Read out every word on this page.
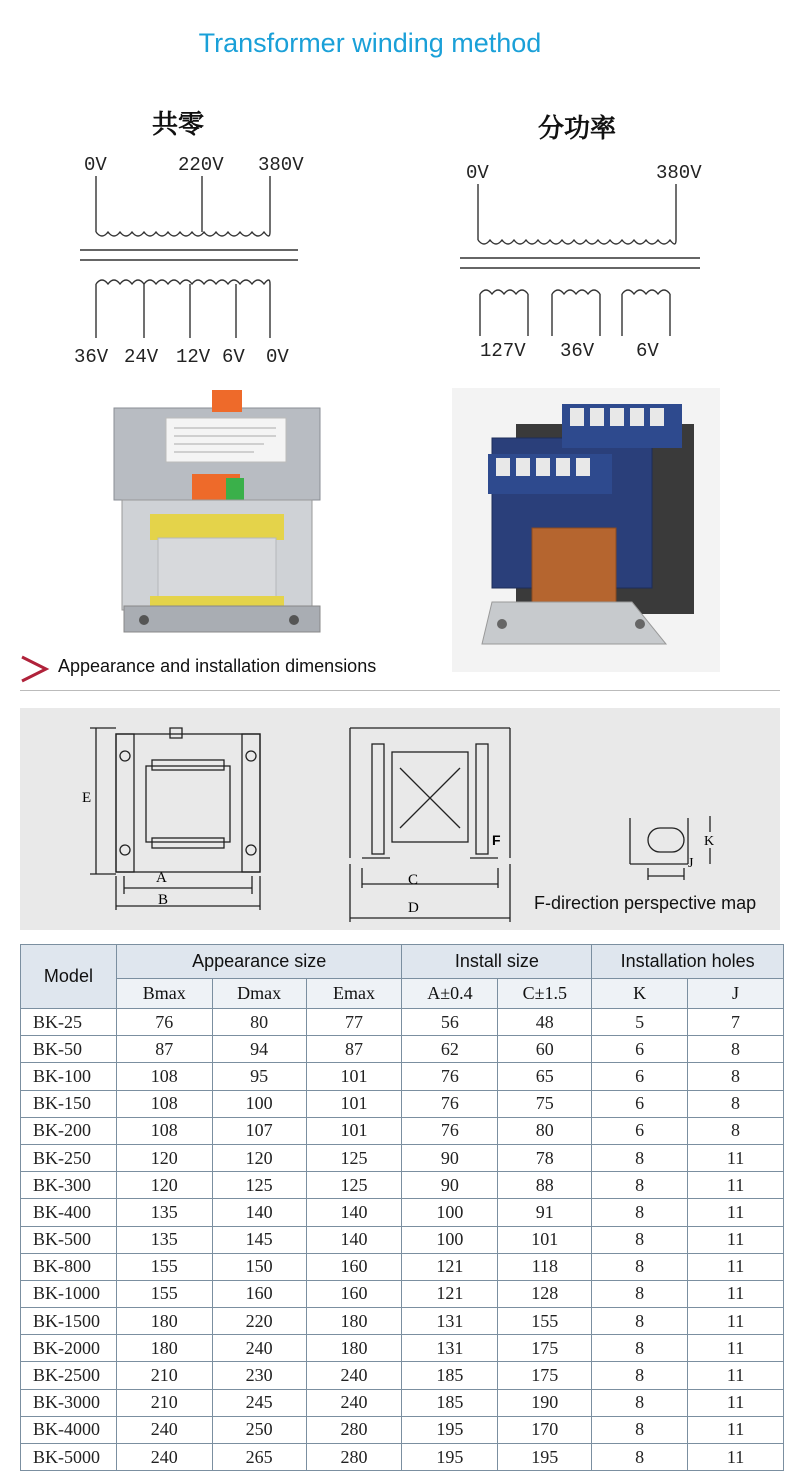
Transformer winding method
共零
0V	220V 380V
36V 24V 12V 6V 0V
分功率
0V	380V
127V 36V 6V
Appearance and installation dimensions
A
B
C
D
E
F
J
K
F-direction perspective map
Model	Appearance size			Install size		Installation holes	
	Bmax	Dmax	Emax	A±0.4	C±1.5	K	J
BK-25	76	80	77	56	48	5	7
BK-50	87	94	87	62	60	6	8
BK-100	108	95	101	76	65	6	8
BK-150	108	100	101	76	75	6	8
BK-200	108	107	101	76	80	6	8
BK-250	120	120	125	90	78	8	11
BK-300	120	125	125	90	88	8	11
BK-400	135	140	140	100	91	8	11
BK-500	135	145	140	100	101	8	11
BK-800	155	150	160	121	118	8	11
BK-1000	155	160	160	121	128	8	11
BK-1500	180	220	180	131	155	8	11
BK-2000	180	240	180	131	175	8	11
BK-2500	210	230	240	185	175	8	11
BK-3000	210	245	240	185	190	8	11
BK-4000	240	250	280	195	170	8	11
BK-5000	240	265	280	195	195	8	11
